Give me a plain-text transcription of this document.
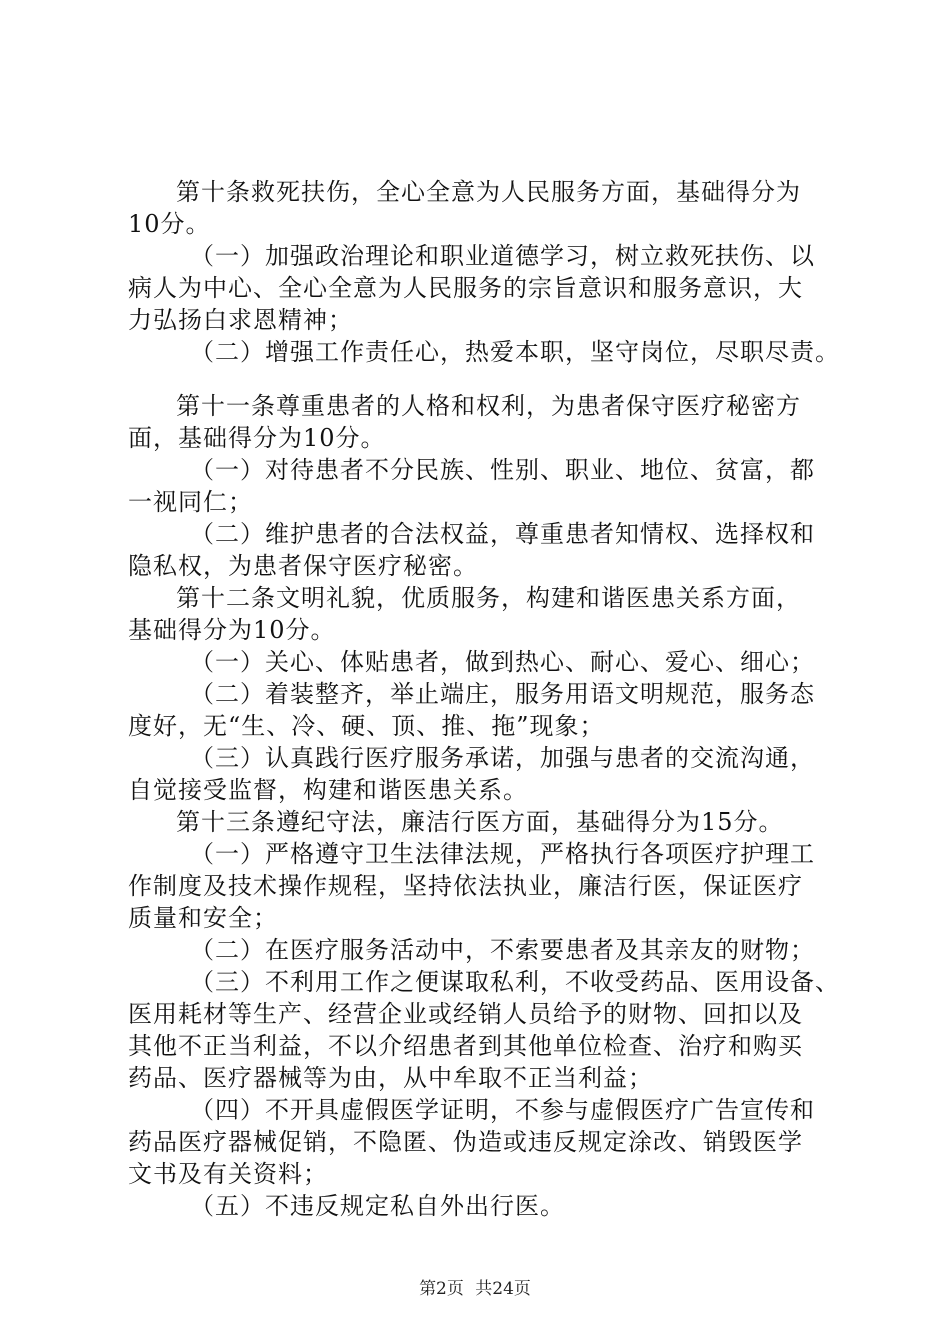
第十条救死扶伤，全心全意为人民服务方面，基础得分为
10分。
（一）加强政治理论和职业道德学习，树立救死扶伤、以
病人为中心、全心全意为人民服务的宗旨意识和服务意识，大
力弘扬白求恩精神；
（二）增强工作责任心，热爱本职，坚守岗位，尽职尽责。
第十一条尊重患者的人格和权利，为患者保守医疗秘密方
面，基础得分为10分。
（一）对待患者不分民族、性别、职业、地位、贫富，都
一视同仁；
（二）维护患者的合法权益，尊重患者知情权、选择权和
隐私权，为患者保守医疗秘密。
第十二条文明礼貌，优质服务，构建和谐医患关系方面，
基础得分为10分。
（一）关心、体贴患者，做到热心、耐心、爱心、细心；
（二）着装整齐，举止端庄，服务用语文明规范，服务态
度好，无“生、冷、硬、顶、推、拖”现象；
（三）认真践行医疗服务承诺，加强与患者的交流沟通，
自觉接受监督，构建和谐医患关系。
第十三条遵纪守法，廉洁行医方面，基础得分为15分。
（一）严格遵守卫生法律法规，严格执行各项医疗护理工
作制度及技术操作规程，坚持依法执业，廉洁行医，保证医疗
质量和安全；
（二）在医疗服务活动中，不索要患者及其亲友的财物；
（三）不利用工作之便谋取私利，不收受药品、医用设备、
医用耗材等生产、经营企业或经销人员给予的财物、回扣以及
其他不正当利益，不以介绍患者到其他单位检查、治疗和购买
药品、医疗器械等为由，从中牟取不正当利益；
（四）不开具虚假医学证明，不参与虚假医疗广告宣传和
药品医疗器械促销，不隐匿、伪造或违反规定涂改、销毁医学
文书及有关资料；
（五）不违反规定私自外出行医。
第2页 共24页
